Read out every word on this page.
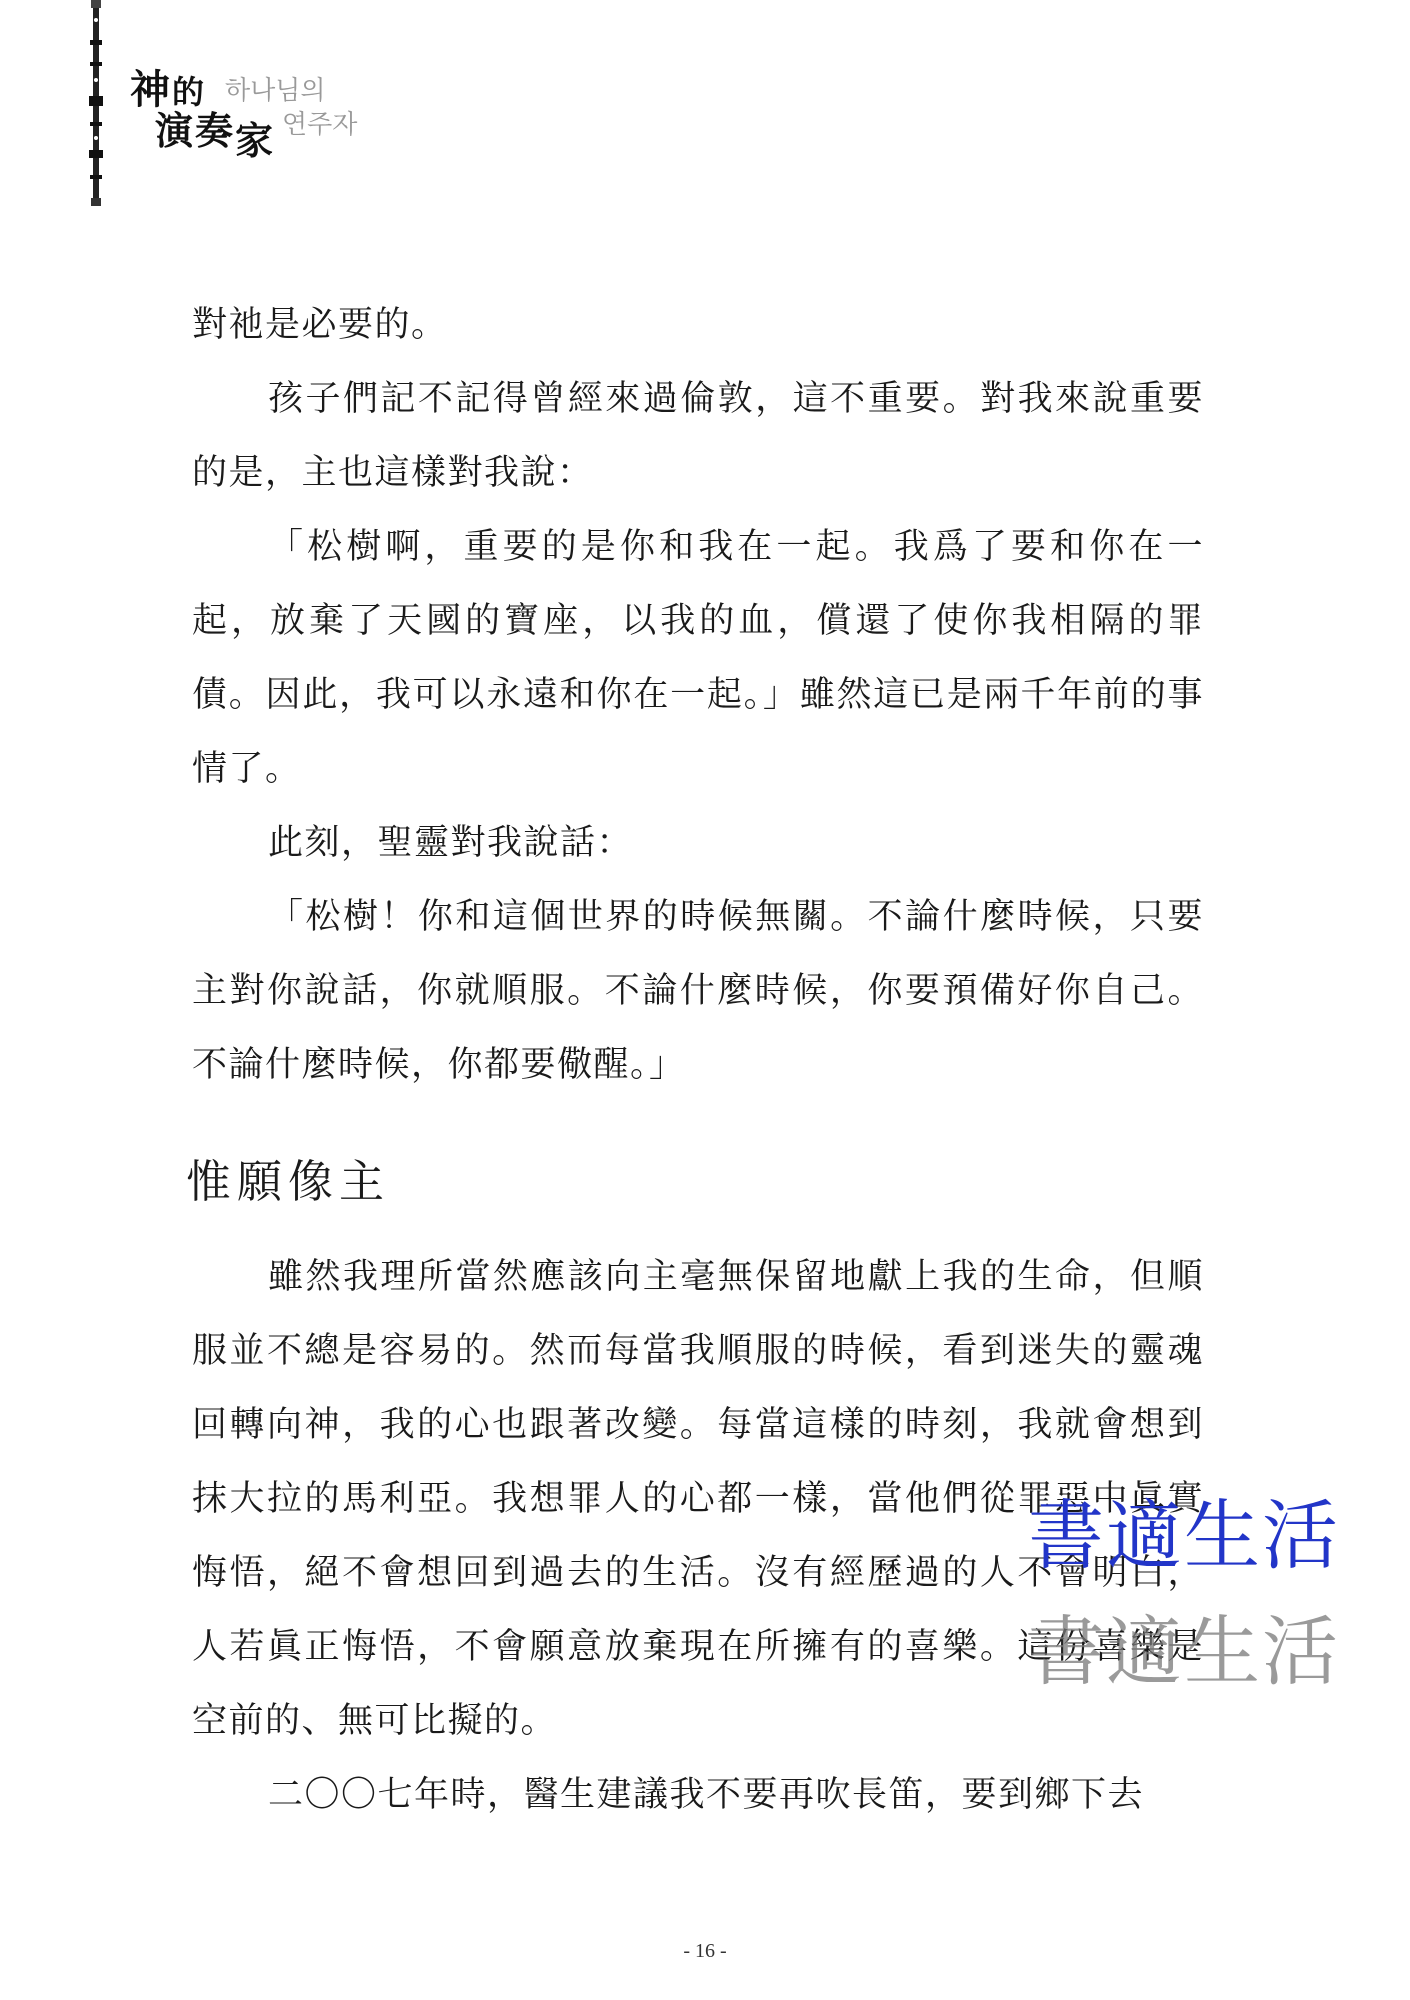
神的
演奏家
하나님의
연주자

對祂是必要的。

孩子們記不記得曾經來過倫敦，這不重要。對我來說重要的是，主也這樣對我說：

「松樹啊，重要的是你和我在一起。我爲了要和你在一起，放棄了天國的寶座，以我的血，償還了使你我相隔的罪債。因此，我可以永遠和你在一起。」雖然這已是兩千年前的事情了。

此刻，聖靈對我說話：

「松樹！你和這個世界的時候無關。不論什麼時候，只要主對你說話，你就順服。不論什麼時候，你要預備好你自己。不論什麼時候，你都要儆醒。」

惟願像主

雖然我理所當然應該向主毫無保留地獻上我的生命，但順服並不總是容易的。然而每當我順服的時候，看到迷失的靈魂回轉向神，我的心也跟著改變。每當這樣的時刻，我就會想到抹大拉的馬利亞。我想罪人的心都一樣，當他們從罪惡中眞實悔悟，絕不會想回到過去的生活。沒有經歷過的人不會明白，人若眞正悔悟，不會願意放棄現在所擁有的喜樂。這份喜樂是空前的、無可比擬的。

二〇〇七年時，醫生建議我不要再吹長笛，要到鄉下去

書適生活
書適生活
- 16 -
